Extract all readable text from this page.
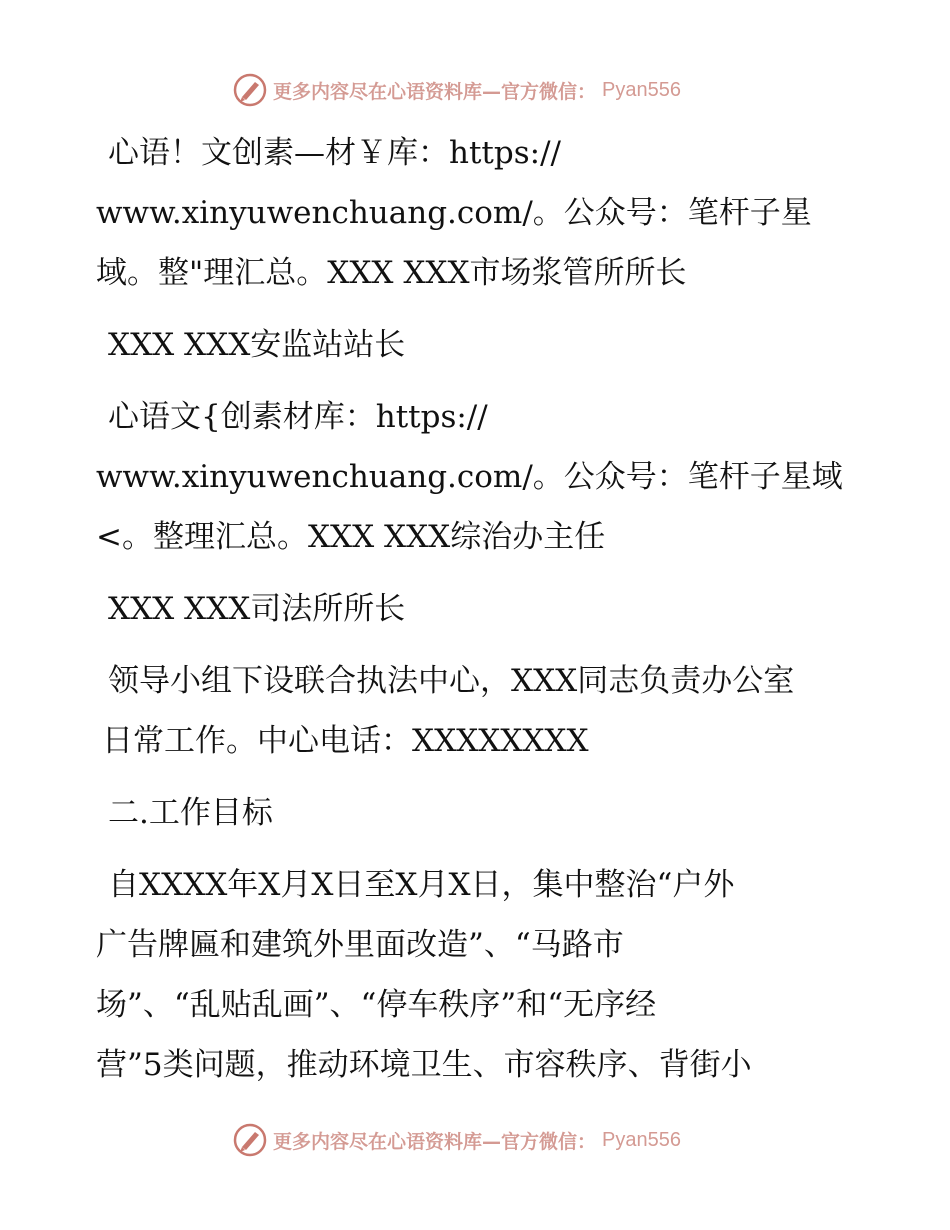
更多内容尽在心语资料库—官方微信： Pyan556
心语！文创素—材￥库：https://
www.xinyuwenchuang.com/。公众号：笔杆子星
域。整"理汇总。XXX XXX市场浆管所所长
XXX XXX安监站站长
心语文{创素材库：https://
www.xinyuwenchuang.com/。公众号：笔杆子星域
<。整理汇总。XXX XXX综治办主任
XXX XXX司法所所长
领导小组下设联合执法中心，XXX同志负责办公室
日常工作。中心电话：XXXXXXXX
二.工作目标
自XXXX年X月X日至X月X日，集中整治“户外
广告牌匾和建筑外里面改造”、“马路市
场”、“乱贴乱画”、“停车秩序”和“无序经
营”5类问题，推动环境卫生、市容秩序、背街小
更多内容尽在心语资料库—官方微信： Pyan556
